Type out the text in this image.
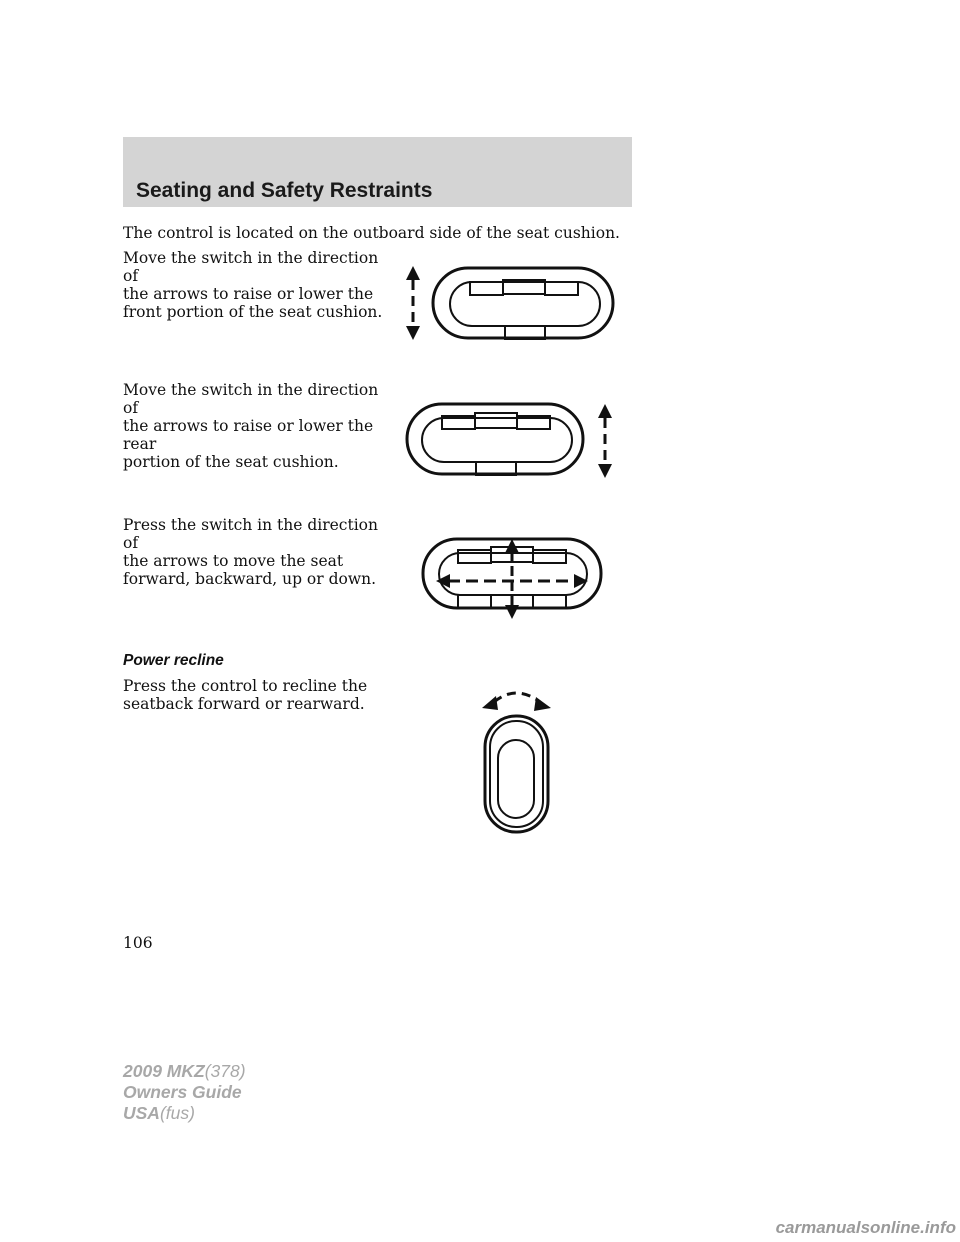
Seating and Safety Restraints
The control is located on the outboard side of the seat cushion.
Move the switch in the direction of
the arrows to raise or lower the
front portion of the seat cushion.
Move the switch in the direction of
the arrows to raise or lower the rear
portion of the seat cushion.
Press the switch in the direction of
the arrows to move the seat
forward, backward, up or down.
Power recline
Press the control to recline the
seatback forward or rearward.
106
2009 MKZ(378)
Owners Guide
USA(fus)
carmanualsonline.info
